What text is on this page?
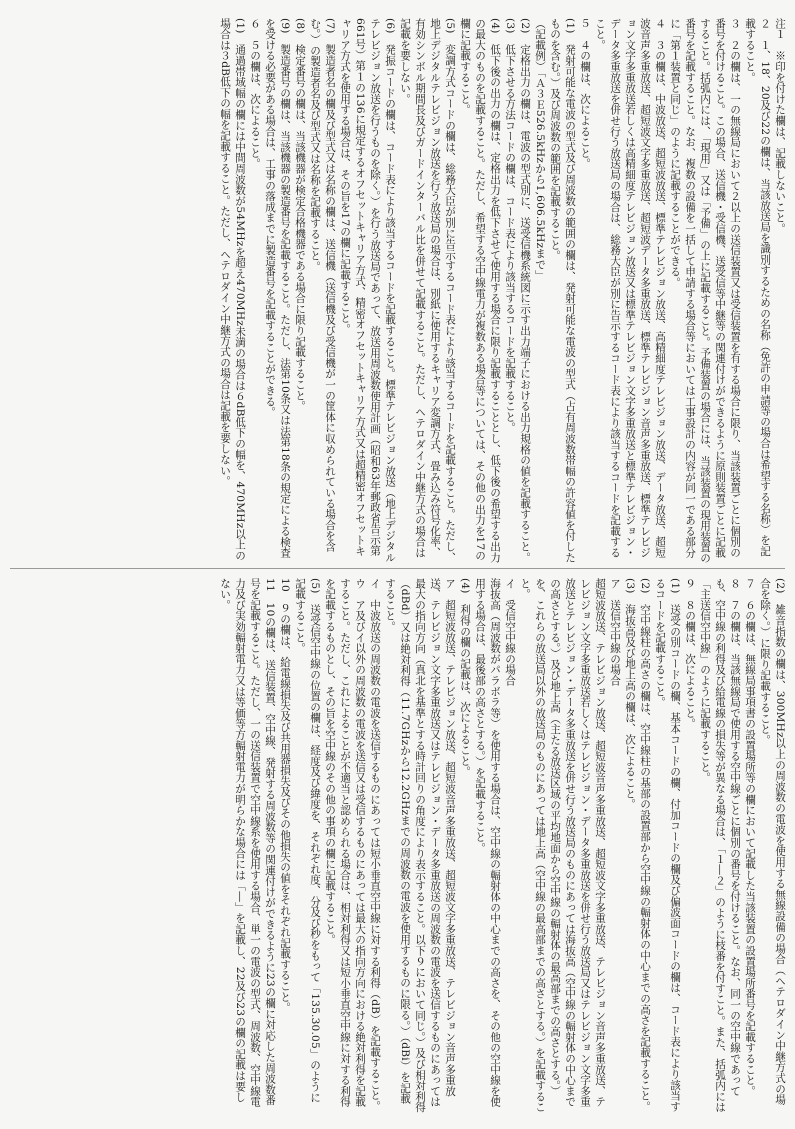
注１　※印を付けた欄は、記載しないこと。
２　１、18、20及び22の欄は、当該放送局を識別するための名称（免許の申請等の場合は希望する名称）を記載すること。
３　２の欄は、一の無線局において２以上の送信装置又は受信装置を有する場合に限り、当該装置ごとに個別の番号を付けること。この場合、送信機・受信機、送受信等中継等の関連付けができるように原則装置ごとに記載すること。括弧内には、「現用」又は「予備」の上に記載すること。予備装置の場合には、当該装置の現用装置の番号を記載すること。なお、複数の設備を一括して申請する場合等においては工事設計の内容が同一である部分に「第１装置と同じ」のように記載することができる。
４　３の欄は、中波放送、超短波放送、標準テレビジョン放送、高精細度テレビジョン放送、データ放送、超短波音声多重放送、超短波文字多重放送、超短波データ多重放送、標準テレビジョン音声多重放送、標準テレビジョン文字多重放送若しくは高精細度テレビジョン放送又は標準テレビジョン文字多重放送と標準テレビジョン・データ多重放送を併せ行う放送局の場合は、総務大臣が別に告示するコード表により該当するコードを記載すること。
５　４の欄は、次によること。
(1)　発射可能な電波の型式及び周波数の範囲の欄は、発射可能な電波の型式（占有周波数帯幅の許容値を付したものを含む。）及び周波数の範囲を記載すること。
（記載例）「Ａ３Ｅ526.5kHzから1,606.5kHzまで」
(2)　定格出力の欄は、電波の型式別に、送受信機系統図に示す出力端子における出力規格の値を記載すること。
(3)　低下させる方法コードの欄は、コード表により該当するコードを記載すること。
(4)　低下後の出力の欄は、定格出力を低下させて使用する場合に限り記載することとし、低下後の希望する出力の最大のものを記載すること。ただし、希望する空中線電力が複数ある場合等については、その他の出力を17の欄に記載すること。
(5)　変調方式コードの欄は、総務大臣が別に告示するコード表により該当するコードを記載すること。ただし、地上デジタルテレビジョン放送を行う放送局の場合は、別紙に使用するキャリア変調方式、畳み込み符号化率、有効シンボル期間長及びガードインターバル比を併せて記載すること。ただし、ヘテロダイン中継方式の場合は記載を要しない。
(6)　発振コードの欄は、コード表により該当するコードを記載すること。標準テレビジョン放送（地上デジタルテレビジョン放送を行うものを除く。）を行う放送局であって、放送用周波数使用計画（昭和63年郵政省告示第661号）第１の136に規定するオフセットキャリア方式、精密オフセットキャリア方式又は超精密オフセットキャリア方式を使用する場合は、その旨を17の欄に記載すること。
(7)　製造者名の欄及び型式又は名称の欄は、送信機（送信機及び受信機が一の筐体に収められている場合を含む。）の製造者名及び型式又は名称を記載すること。
(8)　検定番号の欄は、当該機器が検定合格機器である場合に限り記載すること。
(9)　製造番号の欄は、当該機器の製造番号を記載すること。ただし、法第10条又は法第18条の規定による検査を受ける必要がある場合は、工事の落成までに製造番号を記載することができる。
６　５の欄は、次によること。
(1)　通過帯域幅の欄には中間周波数が54MHzを超え470MHz未満の場合は６dB低下の幅を、470MHz以上の場合は３dB低下の幅を記載すること。ただし、ヘテロダイン中継方式の場合は記載を要しない。
(2)　雑音指数の欄は、300MHz以上の周波数の電波を使用する無線設備の場合（ヘテロダイン中継方式の場合を除く。）に限り記載すること。
７　６の欄は、無線局事項書の設置場所等の欄において記載した当該装置の設置場所番号を記載すること。
８　７の欄は、当該無線局で使用する空中線ごとに個別の番号を付けること。なお、同一の空中線であっても、空中線の利得及び給電線の損失等が異なる場合は、「１―２」のように枝番を付すこと。また、括弧内には「主送信空中線」のように記載すること。
９　８の欄は、次によること。
(1)　送受の別コードの欄、基本コードの欄、付加コードの欄及び偏波面コードの欄は、コード表により該当するコードを記載すること。
(2)　空中線柱の高さの欄は、空中線柱の基部の設置部から空中線の輻射体の中心までの高さを記載すること。
(3)　海抜高及び地上高の欄は、次によること。
ア　送信空中線の場合
超短波放送、テレビジョン放送、超短波音声多重放送、超短波文字多重放送、テレビジョン音声多重放送、テレビジョン文字多重放送若しくはテレビジョン・データ多重放送を併せ行う放送局又はテレビジョン文字多重放送とテレビジョン・データ多重放送を併せ行う放送局のものにあっては海抜高（空中線の輻射体の中心までの高さとする。）及び地上高（主たる放送区域の平均地面から空中線の輻射体の最高部までの高さとする。）を、これらの放送局以外の放送局のものにあっては地上高（空中線の最高部までの高さとする。）を記載すること。
イ　受信空中線の場合
海抜高（周波数がパラボラ等）を使用する場合は、空中線の輻射体の中心までの高さを、その他の空中線を使用する場合は、最後部の高さとする。）を記載すること。
(4)　利得の欄の記載は、次によること。
ア　超短波放送、テレビジョン放送、超短波音声多重放送、超短波文字多重放送、テレビジョン音声多重放送、テレビジョン文字多重放送又はテレビジョン・データ多重放送の周波数の電波を送信するものにあっては最大の指向方向（真北を基準とする時計回りの角度により表示すること。以下９において同じ。）及び相対利得（dBd）又は絶対利得（11.7GHzから12.2GHzまでの周波数の電波を使用するものに限る。）（dBi）を記載すること。
イ　中波放送の周波数の電波を送信するものにあっては短小垂直空中線に対する利得（dB）を記載すること。
ウ　ア及びイ以外の周波数の電波を送信又は受信するものにあっては最大の指向方向における絶対利得を記載すること。ただし、これによることが不適当と認められる場合は、相対利得又は短小垂直空中線に対する利得を記載するものとし、その旨を空中線のその他の事項の欄に記載すること。
(5)　送受信空中線の位置の欄は、経度及び緯度を、それぞれ度、分及び秒をもって「135.30.05」のように記載すること。
10　９の欄は、給電線損失及び共用器損失及びその他損失の値をそれぞれ記載すること。
11　10の欄は、送信装置、空中線、発射する周波数等の関連付けができるように23の欄に対応した周波数番号を記載すること。ただし、一の送信装置で空中線系を使用する場合、単一の電波の型式、周波数、空中線電力及び実効輻射電力又は等価等方輻射電力が明らかな場合には「―」を記載し、22及び23の欄の記載は要しない。
